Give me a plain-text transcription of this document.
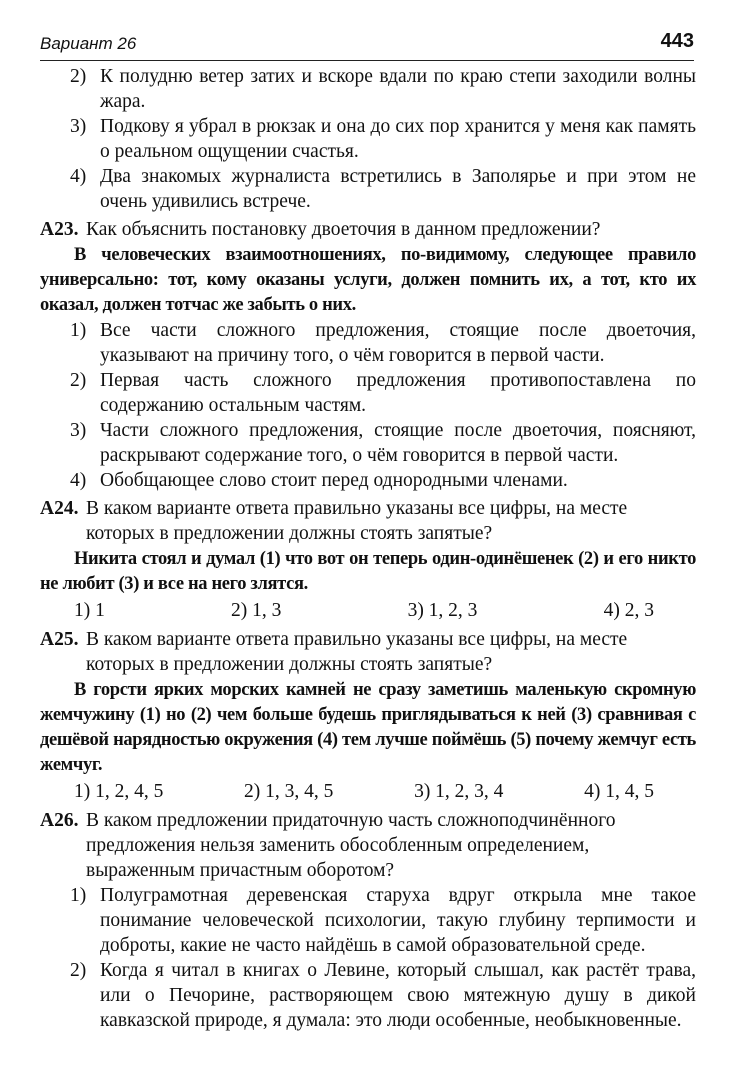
Вариант 26	443
2) К полудню ветер затих и вскоре вдали по краю степи заходили волны жара.
3) Подкову я убрал в рюкзак и она до сих пор хранится у меня как память о реальном ощущении счастья.
4) Два знакомых журналиста встретились в Заполярье и при этом не очень удивились встрече.
А23. Как объяснить постановку двоеточия в данном предложении?
В человеческих взаимоотношениях, по-видимому, следующее правило универсально: тот, кому оказаны услуги, должен помнить их, а тот, кто их оказал, должен тотчас же забыть о них.
1) Все части сложного предложения, стоящие после двоеточия, указывают на причину того, о чём говорится в первой части.
2) Первая часть сложного предложения противопоставлена по содержанию остальным частям.
3) Части сложного предложения, стоящие после двоеточия, поясняют, раскрывают содержание того, о чём говорится в первой части.
4) Обобщающее слово стоит перед однородными членами.
А24. В каком варианте ответа правильно указаны все цифры, на месте которых в предложении должны стоять запятые?
Никита стоял и думал (1) что вот он теперь один-одинёшенек (2) и его никто не любит (3) и все на него злятся.
1) 1	2) 1, 3	3) 1, 2, 3	4) 2, 3
А25. В каком варианте ответа правильно указаны все цифры, на месте которых в предложении должны стоять запятые?
В горсти ярких морских камней не сразу заметишь маленькую скромную жемчужину (1) но (2) чем больше будешь приглядываться к ней (3) сравнивая с дешёвой нарядностью окружения (4) тем лучше поймёшь (5) почему жемчуг есть жемчуг.
1) 1, 2, 4, 5	2) 1, 3, 4, 5	3) 1, 2, 3, 4	4) 1, 4, 5
А26. В каком предложении придаточную часть сложноподчинённого предложения нельзя заменить обособленным определением, выраженным причастным оборотом?
1) Полуграмотная деревенская старуха вдруг открыла мне такое понимание человеческой психологии, такую глубину терпимости и доброты, какие не часто найдёшь в самой образовательной среде.
2) Когда я читал в книгах о Левине, который слышал, как растёт трава, или о Печорине, растворяющем свою мятежную душу в дикой кавказской природе, я думала: это люди особенные, необыкновенные.
